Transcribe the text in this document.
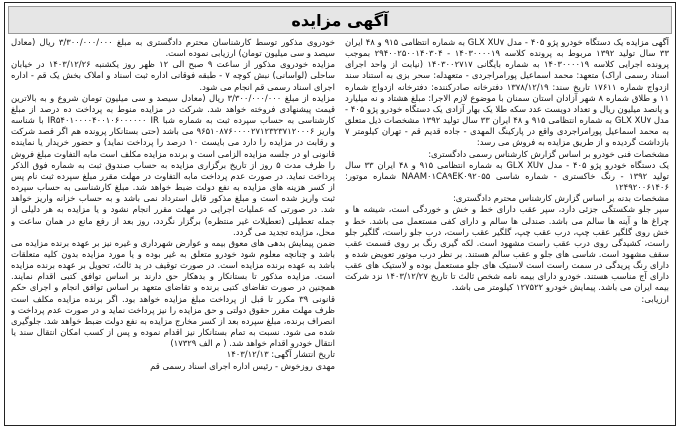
آگهی مزایده

آگهی مزایده یک دستگاه خودرو پژو ۴۰۵ - مدل GLX XU۷ به شماره انتظامی ۹۱۵ و ۴۸ ایران ۳۳ سال تولید ۱۳۹۲ مربوط به پرونده کلاسه ۱۴۰۳۰۰۰۰۱۹ - ۲۹۴۰۰۲۵۰۰۱۴۰۳۰۴ بموجب پرونده اجرایی کلاسه ۱۴۰۳۰۰۰۰۱۹ به شماره بایگانی ۱۴۰۳۰۰۲۷۱۷ (نیابت از واحد اجرای اسناد رسمی اراک) متعهد: محمد اسماعیل پورامراجردی - متعهدله: سحر بزی به استناد سند ازدواج شماره ۱۷۶۱۱ تاریخ سند: ۱۳۷۸/۱۲/۱۹ دفترخانه صادرکننده: دفترخانه ازدواج شماره ۱۱ و طلاق شماره ۸ شهر آزادان استان سمنان با موضوع لازم الاجرا: مبلغ هشتاد و نه میلیارد و پانصد میلیون ریال و تعداد دویست عدد سکه طلا یک بهار آزادی یک دستگاه خودرو پژو ۴۰۵ - مدل GLX XU۷ به شماره انتظامی ۹۱۵ و ۴۸ ایران ۳۳ سال تولید ۱۳۹۲ مشخصات ذیل متعلق به محمد اسماعیل پورامراجردی واقع در پارکینگ المهدی - جاده قدیم قم - تهران کیلومتر ۷ بازداشت گردیده و از طریق مزایده به فروش می رسد:

مشخصات فنی خودرو بر اساس گزارش کارشناس رسمی دادگستری:

یک دستگاه خودرو پژو ۴۰۵ - مدل GLX XU۷ به شماره انتظامی ۹۱۵ و ۴۸ ایران ۳۳ سال تولید ۱۳۹۲ - رنگ خاکستری - شماره شاسی NAAM۰۱CA۹EK۰۹۲۰۵۵ شماره موتور: ۱۲۴۹۲۰۰۶۱۴۰۶

مشخصات بدنه بر اساس گزارش کارشناس محترم دادگستری:

سپر جلو شکستگی جزئی دارد، سپر عقب دارای خط و خش و خوردگی است، شیشه ها و چراغ ها و آینه ها سالم می باشد. صندلی ها سالم و دارای کفی مستعمل می باشد. خط و خش روی گلگیر عقب چپ، درب عقب چپ، گلگیر عقب راست، درب جلو راست، گلگیر جلو راست، کشیدگی روی درب عقب راست مشهود است. لکه گیری رنگ بر روی قسمت عقب سقف مشهود است. شاسی های جلو و عقب سالم هستند. بر نظر درب موتور تعویض شده و دارای رنگ پریدگی در سمت راست است لاستیک های جلو مستعمل بوده و لاستیک های عقب دارای آج مناسب هستند. خودرو دارای بیمه نامه شخص ثالث تا تاریخ ۱۴۰۳/۱۲/۲۷ نزد شرکت بیمه ایران می باشد. پیمایش خودرو ۱۲۷۵۲۲ کیلومتر می باشد.

ارزیابی:

خودروی مذکور توسط کارشناسان محترم دادگستری به مبلغ ۳/۳۰۰/۰۰۰/۰۰۰ ریال (معادل سیصد و سی میلیون تومان) ارزیابی نموده است.

مزایده خودروی مذکور از ساعت ۹ صبح الی ۱۲ ظهر روز یکشنبه ۱۴۰۳/۱۲/۲۶ در خیابان ساحلی (لواسانی) نبش کوچه ۷ - طبقه فوقانی اداره ثبت اسناد و املاک بخش یک قم - اداره اجرای اسناد رسمی قم انجام می شود.

مزایده از مبلغ ۳/۳۰۰/۰۰۰/۰۰۰ ریال (معادل سیصد و سی میلیون تومان شروع و به بالاترین قیمت پیشنهادی فروخته خواهد شد. شرکت در مزایده منوط به پرداخت ده درصد از مبلغ کارشناسی به حساب سپرده ثبت به شماره شبا IR۵۴۰۱۰۰۰۰۴۰۰۱۰۶۰۰۰۰۰۰ IR با شناسه واریز ۹۶۵۱۰۸۷۶۰۰۰۰۲۷۱۲۳۲۳۷۱۲۰۰۰۶ می باشد (حتی بستانکار پرونده هم اگر قصد شرکت و رقابت در مزایده را دارد می بایست ۱۰ درصد را پرداخت نماید) و حضور خریدار یا نماینده قانونی او در جلسه مزایده الزامی است و برنده مزایده مکلف است مابه التفاوت مبلغ فروش را ظرف مدت ۵ روز از تاریخ برگزاری مزایده به حساب صندوق ثبت به شماره فوق الذکر پرداخت نماید. در صورت عدم پرداخت مابه التفاوت در مهلت مقرر مبلغ سپرده ثبت نام پس از کسر هزینه های مزایده به نفع دولت ضبط خواهد شد. مبلغ کارشناسی به حساب سپرده ثبت واریز شده است و مبلغ مذکور قابل استرداد نمی باشد و به حساب خزانه واریز خواهد شد. در صورتی که عملیات اجرایی در مهلت مقرر انجام نشود و یا مزایده به هر دلیلی از جمله تعطیلی (تعطیلات غیر منتظره) برگزار نگردد، روز بعد از رفع مانع در همان ساعت و محل، مزایده تجدید می گردد.

ضمن پیمایش بدهی های معوق بیمه و عوارض شهرداری و غیره نیز بر عهده برنده مزایده می باشد و چنانچه معلوم شود خودرو متعلق به غیر بوده و یا مورد مزایده بدون کلیه متعلقات باشد به عهده برنده مزایده است. در صورت توقیف در ید ثالث، تحویل بر عهده برنده مزایده است. مزایده مذکور تا بستانکار و بدهکار حق دارند بر اساس توافق کتبی اقدام نمایند. همچنین در صورت تقاضای کتبی برنده و تقاضای متعهد بر اساس توافق انجام و اجرای حکم قانونی ۳۹ مکرر تا قبل از پرداخت مبلغ مزایده خواهد بود. اگر برنده مزایده مکلف است ظرف مهلت مقرر حقوق دولتی و حق مزایده را نیز پرداخت نماید و در صورت عدم پرداخت و انصراف برنده، مبلغ سپرده بعد از کسر مخارج مزایده به نفع دولت ضبط خواهد شد. جلوگیری شده می شود. نسبت به تمام بستانکار نیز اقدام نموده و پس از کسب امکان انتقال سند یا انتقال خودرو اقدام خواهد شد. ( م الف ۱۷۳۲۹)

تاریخ انتشار آگهی: ۱۴۰۳/۱۲/۱۳

مهدی روزخوش - رئیس اداره اجرای اسناد رسمی قم
